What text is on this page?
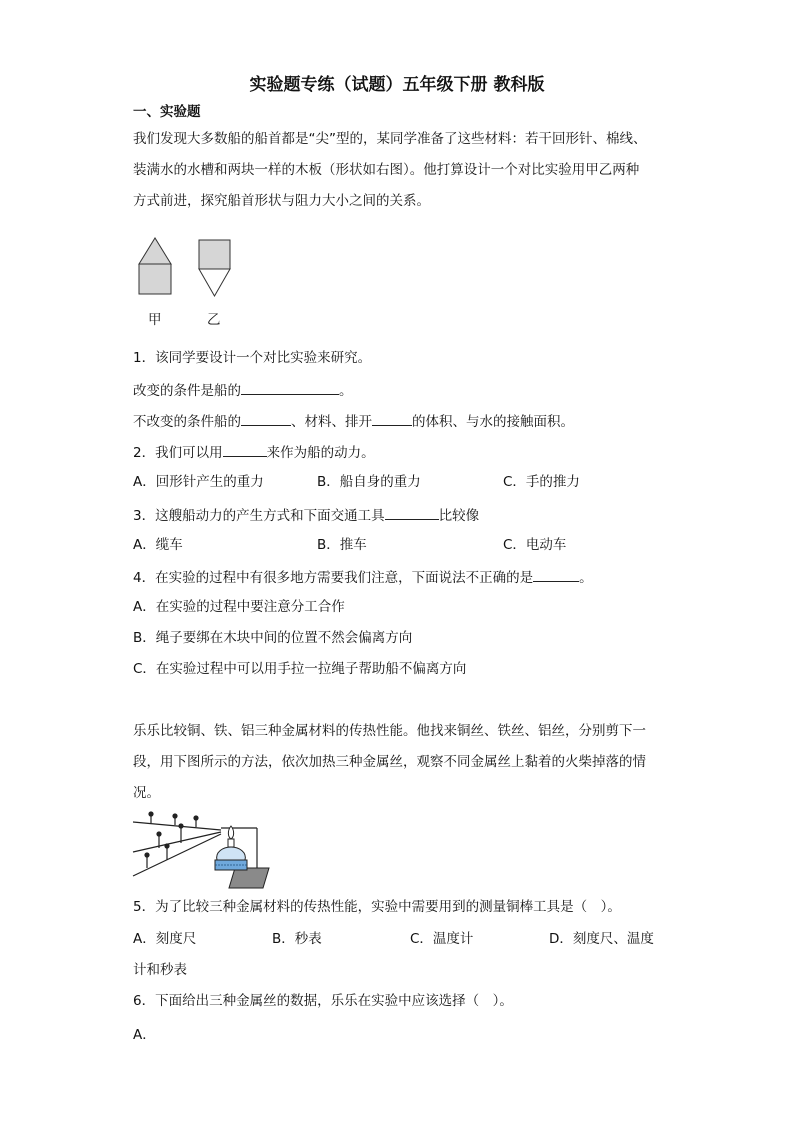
实验题专练（试题）五年级下册 教科版
一、实验题
我们发现大多数船的船首都是“尖”型的，某同学准备了这些材料：若干回形针、棉线、
装满水的水槽和两块一样的木板（形状如右图）。他打算设计一个对比实验用甲乙两种
方式前进，探究船首形状与阻力大小之间的关系。
甲	乙
1．该同学要设计一个对比实验来研究。
改变的条件是船的	。
不改变的条件船的	、材料、排开	的体积、与水的接触面积。
2．我们可以用	来作为船的动力。
A．回形针产生的重力	B．船自身的重力	C．手的推力
3．这艘船动力的产生方式和下面交通工具	比较像
A．缆车	B．推车	C．电动车
4．在实验的过程中有很多地方需要我们注意，下面说法不正确的是	。
A．在实验的过程中要注意分工合作
B．绳子要绑在木块中间的位置不然会偏离方向
C．在实验过程中可以用手拉一拉绳子帮助船不偏离方向
乐乐比较铜、铁、铝三种金属材料的传热性能。他找来铜丝、铁丝、铝丝，分别剪下一
段，用下图所示的方法，依次加热三种金属丝，观察不同金属丝上黏着的火柴掉落的情
况。
5．为了比较三种金属材料的传热性能，实验中需要用到的测量铜棒工具是（　）。
A．刻度尺	B．秒表	C．温度计	D．刻度尺、温度
计和秒表
6．下面给出三种金属丝的数据，乐乐在实验中应该选择（　）。
A．
